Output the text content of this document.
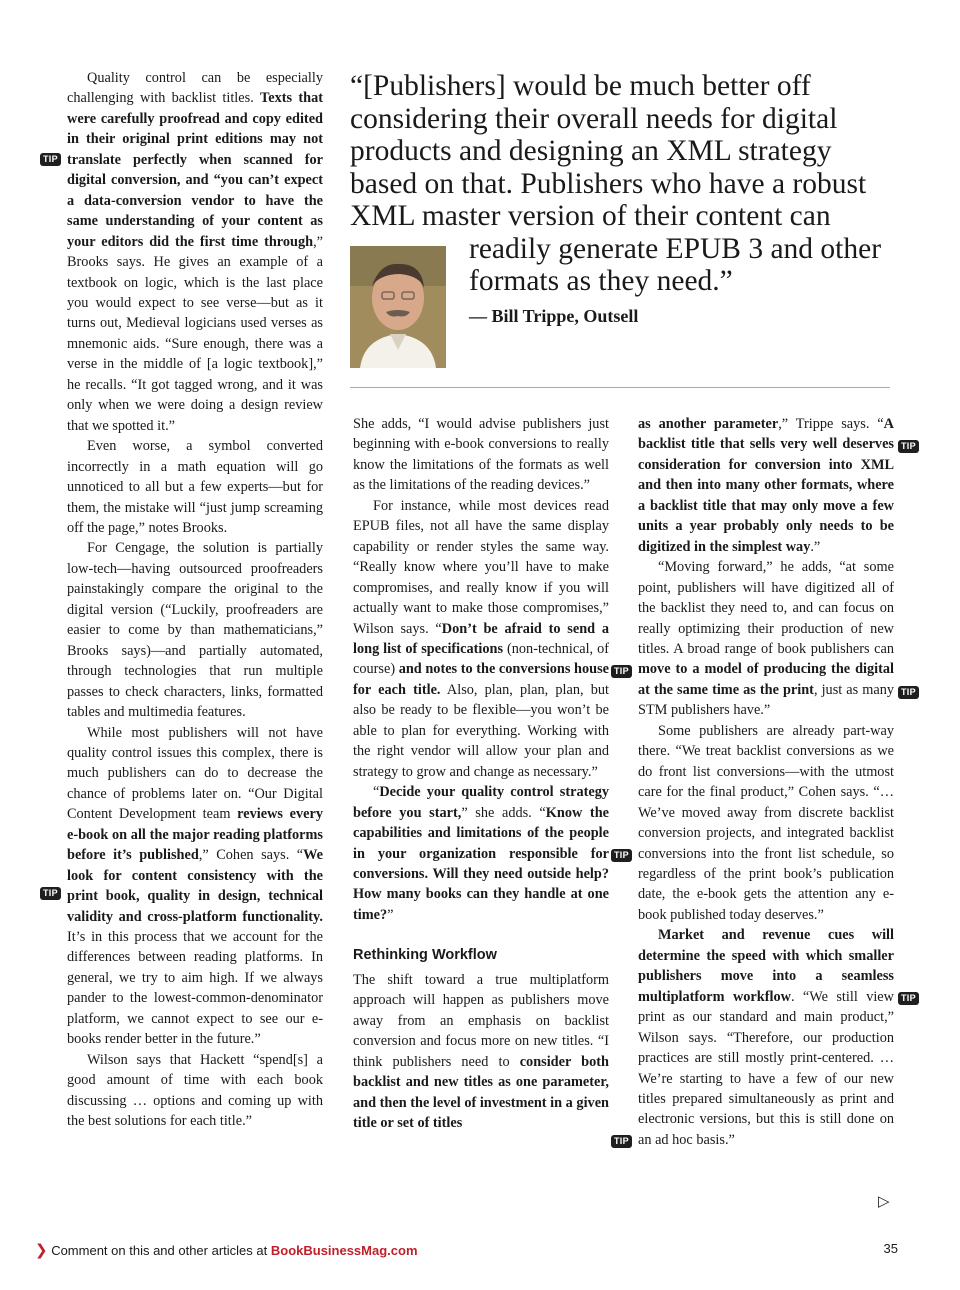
“[Publishers] would be much better off considering their overall needs for digital products and designing an XML strategy based on that. Publishers who have a robust XML master version of their content can
readily generate EPUB 3 and other formats as they need.”
— Bill Trippe, Outsell

Quality control can be especially challenging with backlist titles. Texts that were carefully proofread and copy edited in their original print editions may not translate perfectly when scanned for digital conversion, and “you can’t expect a data-conversion vendor to have the same understanding of your content as your editors did the first time through,” Brooks says. He gives an example of a textbook on logic, which is the last place you would expect to see verse—but as it turns out, Medieval logicians used verses as mnemonic aids. “Sure enough, there was a verse in the middle of [a logic textbook],” he recalls. “It got tagged wrong, and it was only when we were doing a design review that we spotted it.”

Even worse, a symbol converted incorrectly in a math equation will go unnoticed to all but a few experts—but for them, the mistake will “just jump screaming off the page,” notes Brooks.

For Cengage, the solution is partially low-tech—having outsourced proofreaders painstakingly compare the original to the digital version (“Luckily, proofreaders are easier to come by than mathematicians,” Brooks says)—and partially automated, through technologies that run multiple passes to check characters, links, formatted tables and multimedia features.

While most publishers will not have quality control issues this complex, there is much publishers can do to decrease the chance of problems later on. “Our Digital Content Development team reviews every e-book on all the major reading platforms before it’s published,” Cohen says. “We look for content consistency with the print book, quality in design, technical validity and cross-platform functionality. It’s in this process that we account for the differences between reading platforms. In general, we try to aim high. If we always pander to the lowest-common-denominator platform, we cannot expect to see our e-books render better in the future.”

Wilson says that Hackett “spend[s] a good amount of time with each book discussing … options and coming up with the best solutions for each title.”

She adds, “I would advise publishers just beginning with e-book conversions to really know the limitations of the formats as well as the limitations of the reading devices.”

For instance, while most devices read EPUB files, not all have the same display capability or render styles the same way. “Really know where you’ll have to make compromises, and really know if you will actually want to make those compromises,” Wilson says. “Don’t be afraid to send a long list of specifications (non-technical, of course) and notes to the conversions house for each title. Also, plan, plan, plan, but also be ready to be flexible—you won’t be able to plan for everything. Working with the right vendor will allow your plan and strategy to grow and change as necessary.”

“Decide your quality control strategy before you start,” she adds. “Know the capabilities and limitations of the people in your organization responsible for conversions. Will they need outside help? How many books can they handle at one time?”

Rethinking Workflow

The shift toward a true multiplatform approach will happen as publishers move away from an emphasis on backlist conversion and focus more on new titles. “I think publishers need to consider both backlist and new titles as one parameter, and then the level of investment in a given title or set of titles

as another parameter,” Trippe says. “A backlist title that sells very well deserves consideration for conversion into XML and then into many other formats, where a backlist title that may only move a few units a year probably only needs to be digitized in the simplest way.”

“Moving forward,” he adds, “at some point, publishers will have digitized all of the backlist they need to, and can focus on really optimizing their production of new titles. A broad range of book publishers can move to a model of producing the digital at the same time as the print, just as many STM publishers have.”

Some publishers are already part-way there. “We treat backlist conversions as we do front list conversions—with the utmost care for the final product,” Cohen says. “… We’ve moved away from discrete backlist conversion projects, and integrated backlist conversions into the front list schedule, so regardless of the print book’s publication date, the e-book gets the attention any e-book published today deserves.”

Market and revenue cues will determine the speed with which smaller publishers move into a seamless multiplatform workflow. “We still view print as our standard and main product,” Wilson says. “Therefore, our production practices are still mostly print-centered. … We’re starting to have a few of our new titles prepared simultaneously as print and electronic versions, but this is still done on an ad hoc basis.”

TIP
TIP
TIP
TIP
TIP
TIP
TIP
TIP
▷
❯ Comment on this and other articles at BookBusinessMag.com	35
